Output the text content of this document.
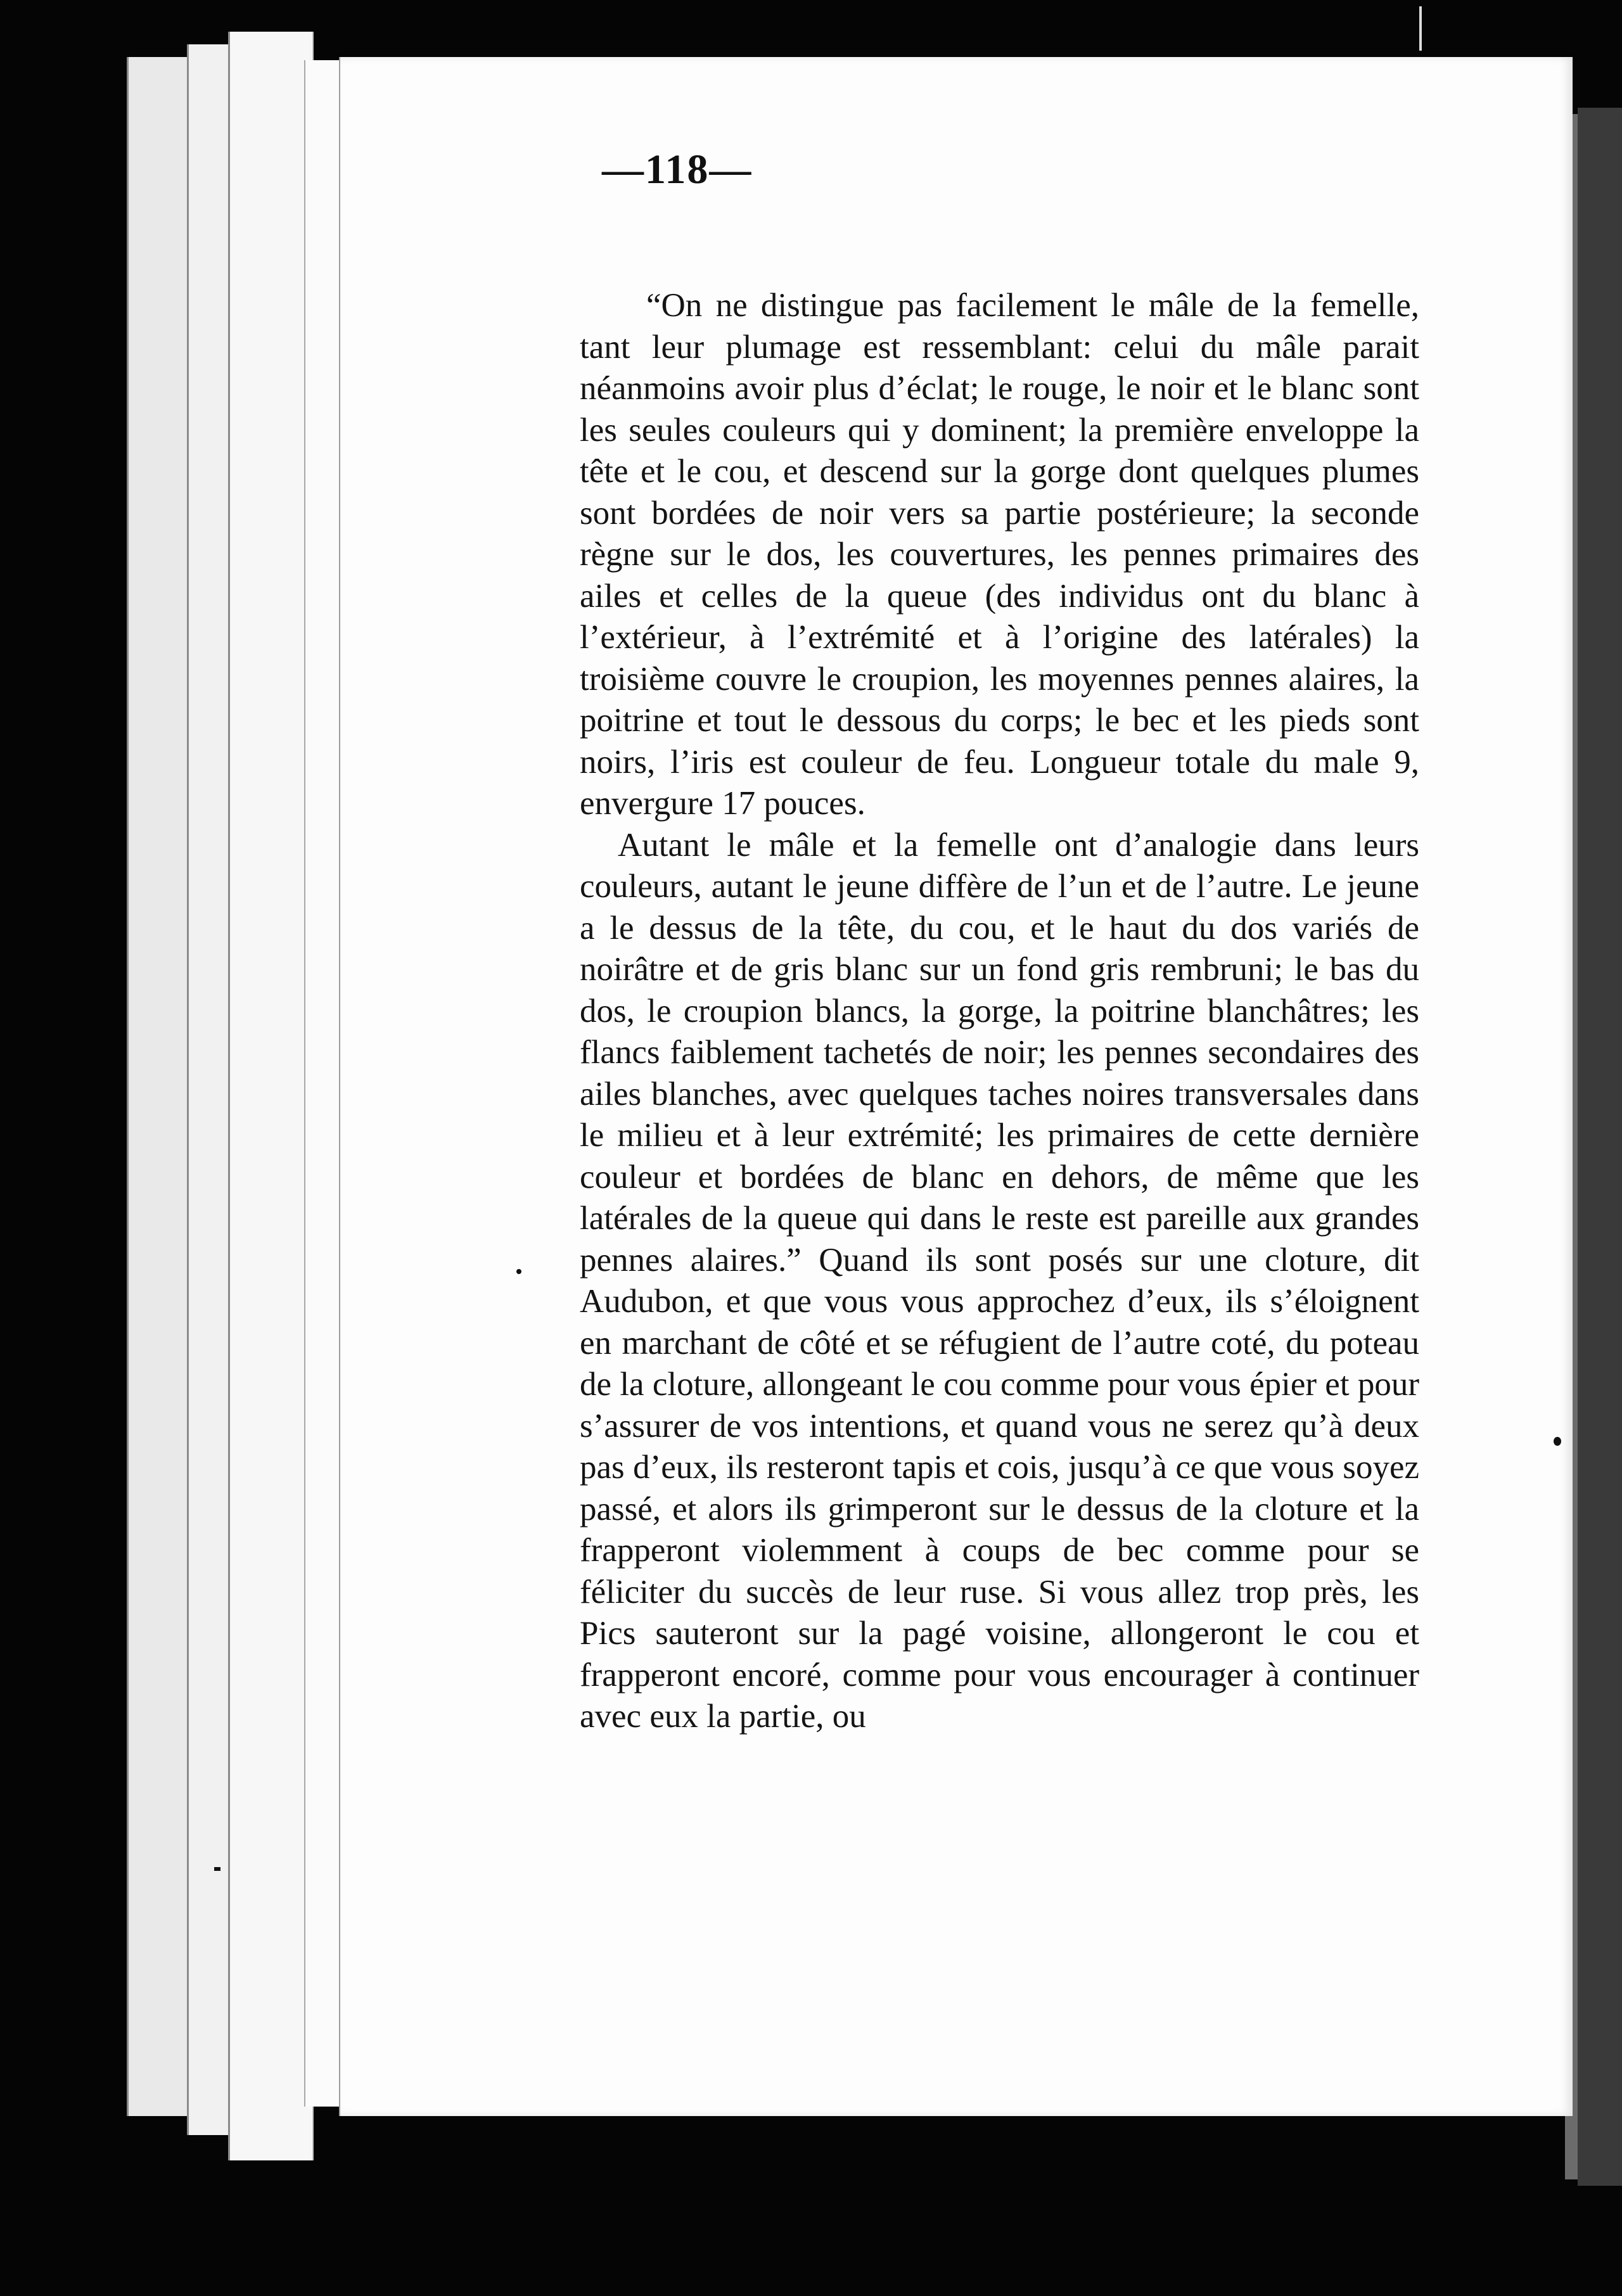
—118—

“On ne distingue pas facilement le mâle de la femelle, tant leur plumage est ressemblant: celui du mâle parait néanmoins avoir plus d’éclat; le rouge, le noir et le blanc sont les seules couleurs qui y dominent; la première enveloppe la tête et le cou, et descend sur la gorge dont quelques plumes sont bordées de noir vers sa partie postérieure; la seconde règne sur le dos, les couvertures, les pennes primaires des ailes et celles de la queue (des individus ont du blanc à l’extérieur, à l’extrémité et à l’origine des latérales) la troisième couvre le croupion, les moyennes pennes alaires, la poitrine et tout le dessous du corps; le bec et les pieds sont noirs, l’iris est couleur de feu. Longueur totale du male 9, envergure 17 pouces.

Autant le mâle et la femelle ont d’analogie dans leurs couleurs, autant le jeune diffère de l’un et de l’autre. Le jeune a le dessus de la tête, du cou, et le haut du dos variés de noirâtre et de gris blanc sur un fond gris rembruni; le bas du dos, le croupion blancs, la gorge, la poitrine blanchâtres; les flancs faiblement tachetés de noir; les pennes secondaires des ailes blanches, avec quelques taches noires transversales dans le milieu et à leur extrémité; les primaires de cette dernière couleur et bordées de blanc en dehors, de même que les latérales de la queue qui dans le reste est pareille aux grandes pennes alaires.” Quand ils sont posés sur une cloture, dit Audubon, et que vous vous approchez d’eux, ils s’éloignent en marchant de côté et se réfugient de l’autre coté, du poteau de la cloture, allongeant le cou comme pour vous épier et pour s’assurer de vos intentions, et quand vous ne serez qu’à deux pas d’eux, ils resteront tapis et cois, jusqu’à ce que vous soyez passé, et alors ils grimperont sur le dessus de la cloture et la frapperont violemment à coups de bec comme pour se féliciter du succès de leur ruse. Si vous allez trop près, les Pics sauteront sur la pagé voisine, allongeront le cou et frapperont encoré, comme pour vous encourager à continuer avec eux la partie, ou
